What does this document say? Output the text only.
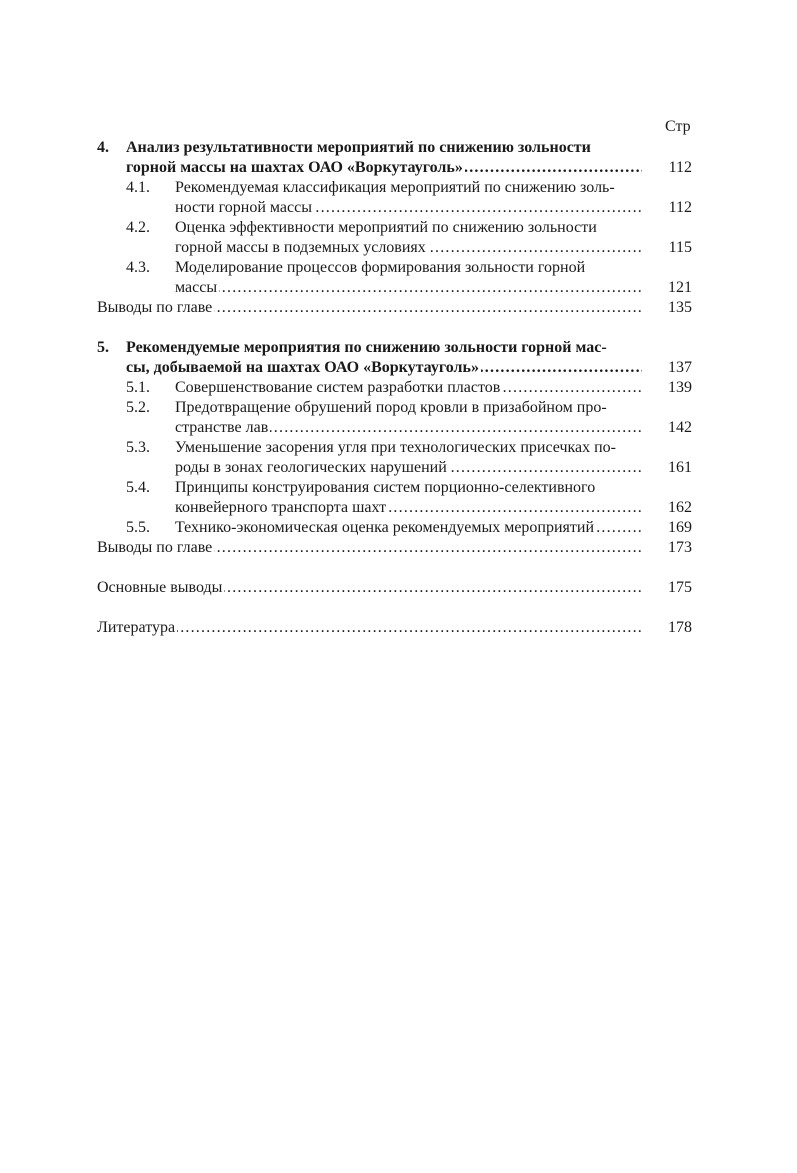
Стр
4. Анализ результативности мероприятий по снижению зольности
горной массы на шахтах ОАО «Воркутауголь» .....	112
4.1. Рекомендуемая классификация мероприятий по снижению золь-
ности горной массы .....	112
4.2. Оценка эффективности мероприятий по снижению зольности
горной массы в подземных условиях .....	115
4.3. Моделирование процессов формирования зольности горной
массы .....	121
Выводы по главе .....	135
5. Рекомендуемые мероприятия по снижению зольности горной мас-
сы, добываемой на шахтах ОАО «Воркутауголь» .....	137
5.1. Совершенствование систем разработки пластов .....	139
5.2. Предотвращение обрушений пород кровли в призабойном про-
странстве лав .....	142
5.3. Уменьшение засорения угля при технологических присечках по-
роды в зонах геологических нарушений .....	161
5.4. Принципы конструирования систем порционно-селективного
конвейерного транспорта шахт .....	162
5.5. Технико-экономическая оценка рекомендуемых мероприятий .....	169
Выводы по главе .....	173
Основные выводы .....	175
Литература .....	178
